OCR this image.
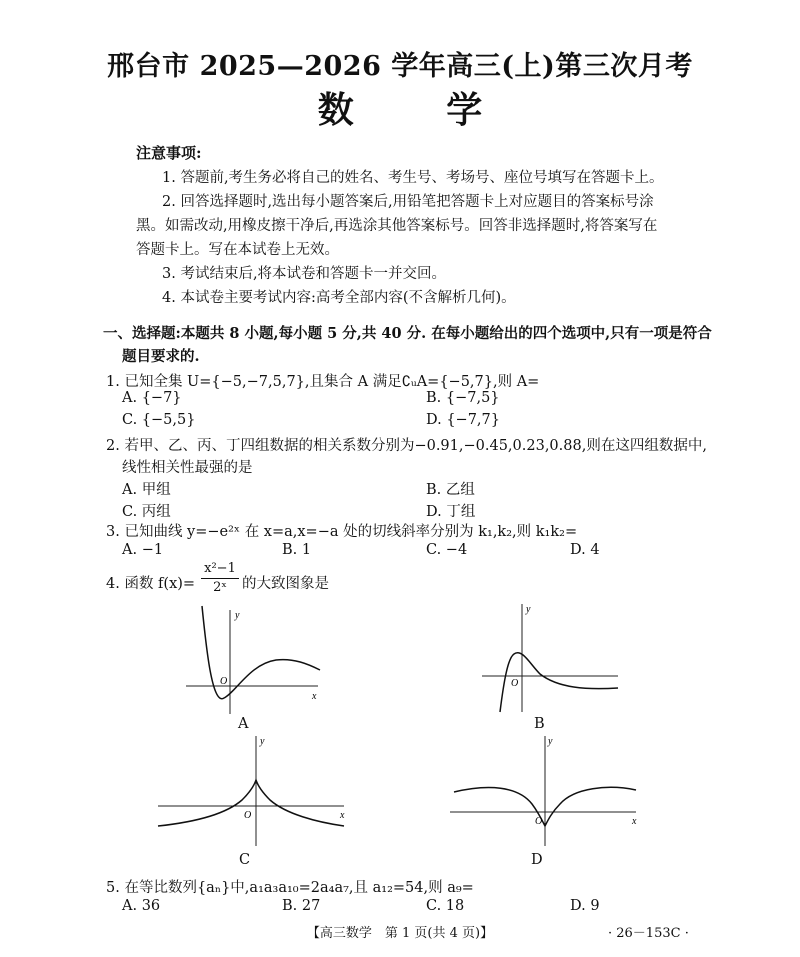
邢台市 2025—2026 学年高三(上)第三次月考
数 学
注意事项:
1. 答题前,考生务必将自己的姓名、考生号、考场号、座位号填写在答题卡上。
2. 回答选择题时,选出每小题答案后,用铅笔把答题卡上对应题目的答案标号涂
黑。如需改动,用橡皮擦干净后,再选涂其他答案标号。回答非选择题时,将答案写在
答题卡上。写在本试卷上无效。
3. 考试结束后,将本试卷和答题卡一并交回。
4. 本试卷主要考试内容:高考全部内容(不含解析几何)。
一、选择题:本题共 8 小题,每小题 5 分,共 40 分. 在每小题给出的四个选项中,只有一项是符合
题目要求的.
1. 已知全集 U={−5,−7,5,7},且集合 A 满足∁ᵤA={−5,7},则 A=
A. {−7}	B. {−7,5}
C. {−5,5}	D. {−7,7}
2. 若甲、乙、丙、丁四组数据的相关系数分别为−0.91,−0.45,0.23,0.88,则在这四组数据中,
线性相关性最强的是
A. 甲组	B. 乙组
C. 丙组	D. 丁组
3. 已知曲线 y=−e²ˣ 在 x=a,x=−a 处的切线斜率分别为 k₁,k₂,则 k₁k₂=
A. −1	B. 1	C. −4	D. 4
4. 函数 f(x)=
x²−1
2ˣ	的大致图象是
y
x
O
A
y
O
B
y
x
O
C
y
x
O
D
5. 在等比数列{aₙ}中,a₁a₃a₁₀=2a₄a₇,且 a₁₂=54,则 a₉=
A. 36	B. 27	C. 18	D. 9
【高三数学　第 1 页(共 4 页)】	· 26－153C ·
